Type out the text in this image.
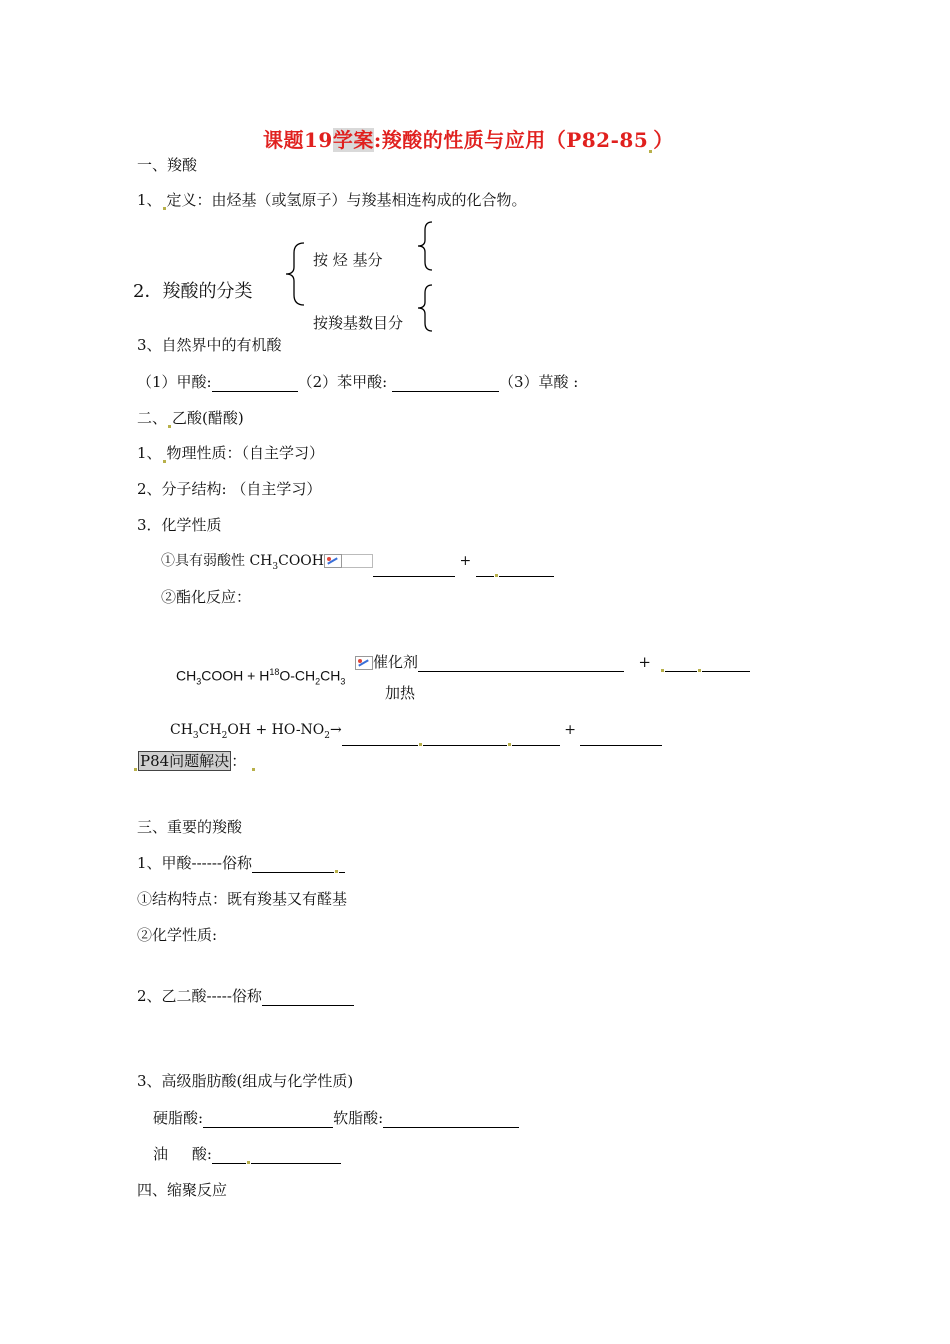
课题19学案:羧酸的性质与应用（P82-85 ）
一、羧酸
1、 定义：由烃基（或氢原子）与羧基相连构成的化合物。
2．羧酸的分类
按 烃 基分
按羧基数目分
3、自然界中的有机酸
（1）甲酸:	（2）苯甲酸:	（3）草酸 :
二、 乙酸(醋酸)
1、 物理性质：（自主学习）
2、分子结构: （自主学习）
3．化学性质
①具有弱酸性 $CH_3COOH$	+
②酯化反应：
$CH_3COOH + H^{18}O-CH_2CH_3$
催化剂	+
加热
$CH_3CH_2OH + HO-NO_2\to$	+
P84问题解决 ：
三、重要的羧酸
1、甲酸------俗称
①结构特点：既有羧基又有醛基
②化学性质:
2、乙二酸-----俗称
3、高级脂肪酸(组成与化学性质)
硬脂酸:	软脂酸:
油 酸:
四、缩聚反应
